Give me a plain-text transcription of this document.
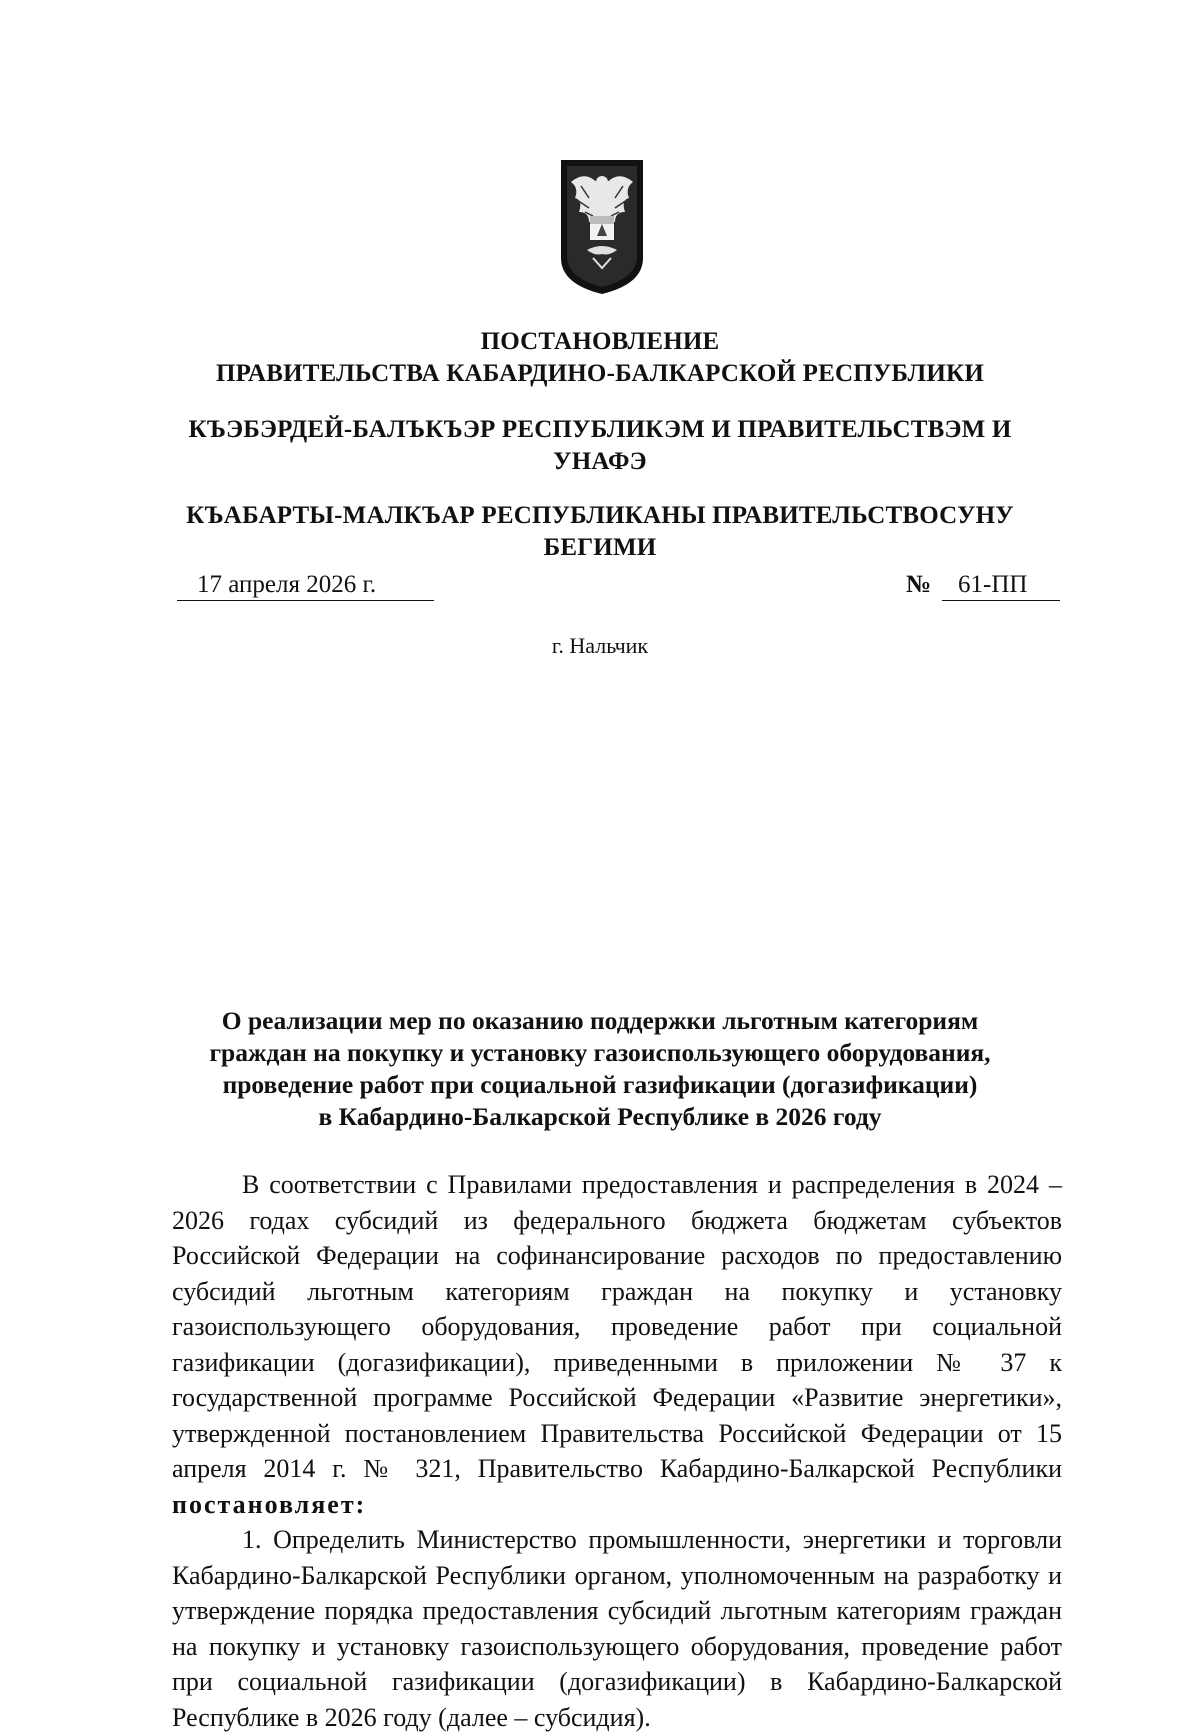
ПОСТАНОВЛЕНИЕ
ПРАВИТЕЛЬСТВА КАБАРДИНО-БАЛКАРСКОЙ РЕСПУБЛИКИ
КЪЭБЭРДЕЙ-БАЛЪКЪЭР РЕСПУБЛИКЭМ И ПРАВИТЕЛЬСТВЭМ И УНАФЭ
КЪАБАРТЫ-МАЛКЪАР РЕСПУБЛИКАНЫ ПРАВИТЕЛЬСТВОСУНУ БЕГИМИ
17 апреля 2026 г.	№	61-ПП
г. Нальчик
О реализации мер по оказанию поддержки льготным категориям
граждан на покупку и установку газоиспользующего оборудования,
проведение работ при социальной газификации (догазификации)
в Кабардино-Балкарской Республике в 2026 году

В соответствии с Правилами предоставления и распределения в 2024 – 2026 годах субсидий из федерального бюджета бюджетам субъектов Российской Федерации на софинансирование расходов по предоставлению субсидий льготным категориям граждан на покупку и установку газоиспользующего оборудования, проведение работ при социальной газификации (догазификации), приведенными в приложении № 37 к государственной программе Российской Федерации «Развитие энергетики», утвержденной постановлением Правительства Российской Федерации от 15 апреля 2014 г. № 321, Правительство Кабардино-Балкарской Республики постановляет:

1. Определить Министерство промышленности, энергетики и торговли Кабардино-Балкарской Республики органом, уполномоченным на разработку и утверждение порядка предоставления субсидий льготным категориям граждан на покупку и установку газоиспользующего оборудования, проведение работ при социальной газификации (догазификации) в Кабардино-Балкарской Республике в 2026 году (далее – субсидия).
